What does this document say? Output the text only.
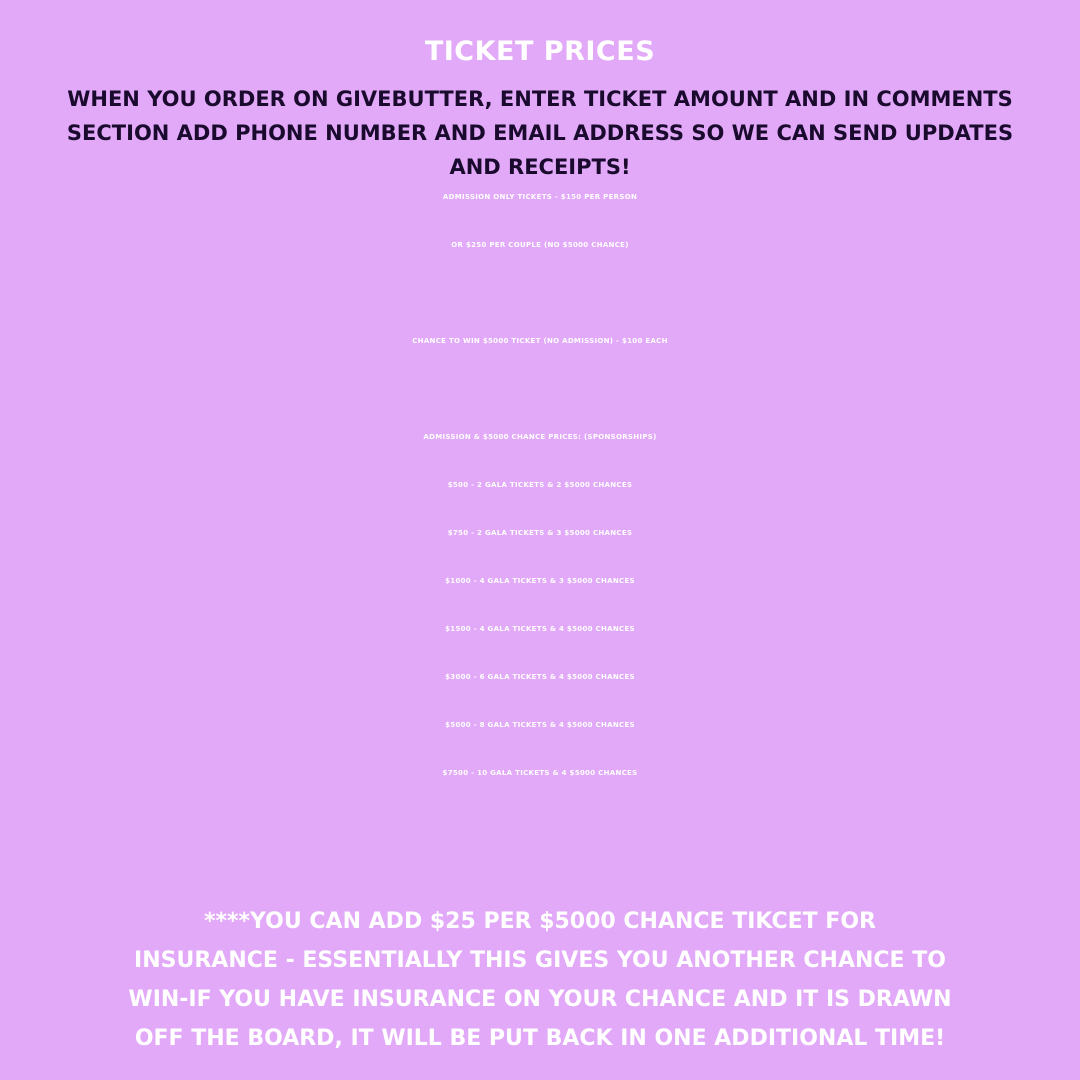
TICKET PRICES
WHEN YOU ORDER ON GIVEBUTTER, ENTER TICKET AMOUNT AND IN COMMENTS
SECTION ADD PHONE NUMBER AND EMAIL ADDRESS SO WE CAN SEND UPDATES
AND RECEIPTS!
ADMISSION ONLY TICKETS - $150 PER PERSON
OR $250 PER COUPLE (NO $5000 CHANCE)
CHANCE TO WIN $5000 TICKET (NO ADMISSION) - $100 EACH
ADMISSION & $5000 CHANCE PRICES: (SPONSORSHIPS)
$500 - 2 GALA TICKETS & 2 $5000 CHANCES
$750 - 2 GALA TICKETS & 3 $5000 CHANCES
$1000 - 4 GALA TICKETS & 3 $5000 CHANCES
$1500 - 4 GALA TICKETS & 4 $5000 CHANCES
$3000 - 6 GALA TICKETS & 4 $5000 CHANCES
$5000 - 8 GALA TICKETS & 4 $5000 CHANCES
$7500 - 10 GALA TICKETS & 4 $5000 CHANCES
****YOU CAN ADD $25 PER $5000 CHANCE TIKCET FOR
INSURANCE - ESSENTIALLY THIS GIVES YOU ANOTHER CHANCE TO
WIN-IF YOU HAVE INSURANCE ON YOUR CHANCE AND IT IS DRAWN
OFF THE BOARD, IT WILL BE PUT BACK IN ONE ADDITIONAL TIME!
